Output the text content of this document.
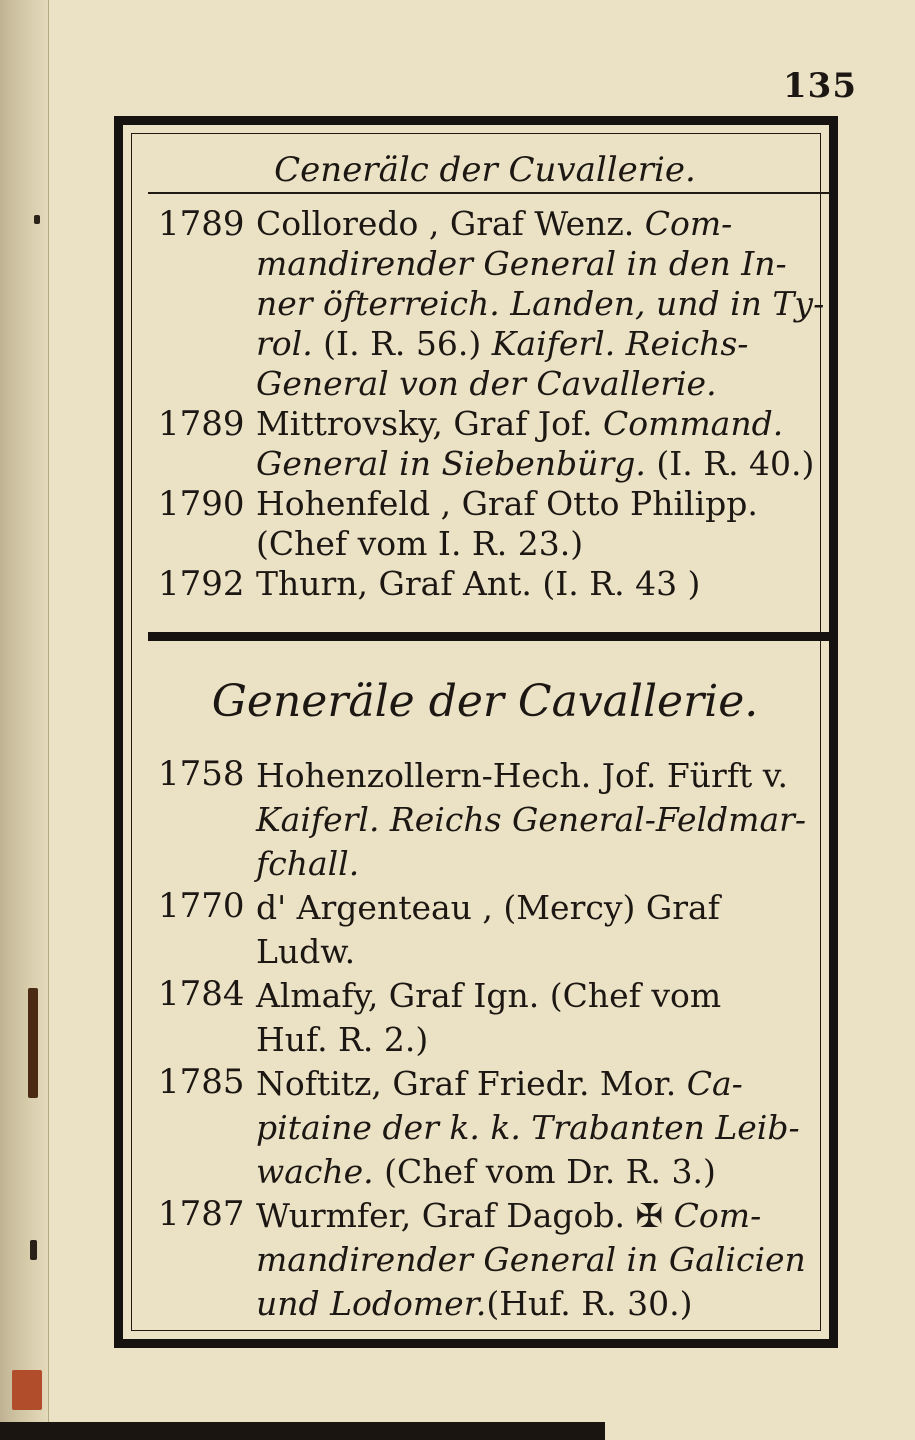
135
Cenerälc der Cuvallerie.
1789 Colloredo , Graf Wenz. Com-
mandirender General in den In-
ner öfterreich. Landen, und in Ty-
rol. (I. R. 56.) Kaiferl. Reichs-
General von der Cavallerie.
1789 Mittrovsky, Graf Jof. Command.
General in Siebenbürg. (I. R. 40.)
1790 Hohenfeld , Graf Otto Philipp.
(Chef vom I. R. 23.)
1792 Thurn, Graf Ant. (I. R. 43 )
Generäle der Cavallerie.
1758 Hohenzollern-Hech. Jof. Fürft v.
Kaiferl. Reichs General-Feldmar-
fchall.
1770 d' Argenteau , (Mercy) Graf
Ludw.
1784 Almafy, Graf Ign. (Chef vom
Huf. R. 2.)
1785 Noftitz, Graf Friedr. Mor. Ca-
pitaine der k. k. Trabanten Leib-
wache. (Chef vom Dr. R. 3.)
1787 Wurmfer, Graf Dagob. ✠ Com-
mandirender General in Galicien
und Lodomer.(Huf. R. 30.)
